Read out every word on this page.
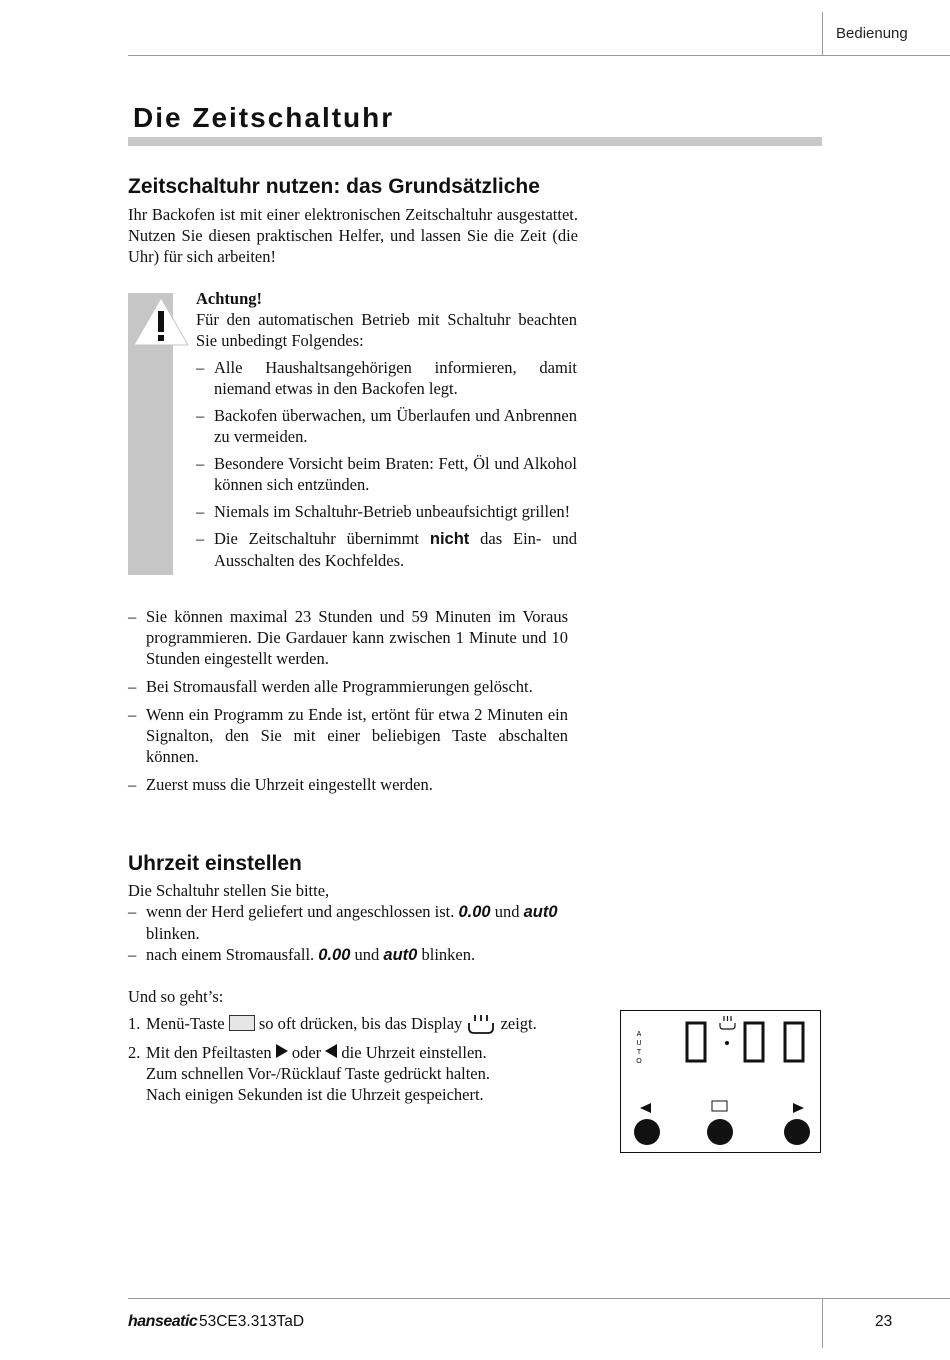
Bedienung
Die Zeitschaltuhr
Zeitschaltuhr nutzen: das Grundsätzliche
Ihr Backofen ist mit einer elektronischen Zeitschaltuhr ausgestattet. Nutzen Sie diesen praktischen Helfer, und lassen Sie die Zeit (die Uhr) für sich arbeiten!
Achtung!
Für den automatischen Betrieb mit Schaltuhr beachten Sie unbedingt Folgendes:
– Alle Haushaltsangehörigen informieren, damit niemand etwas in den Backofen legt.
– Backofen überwachen, um Überlaufen und Anbrennen zu vermeiden.
– Besondere Vorsicht beim Braten: Fett, Öl und Alkohol können sich entzünden.
– Niemals im Schaltuhr-Betrieb unbeaufsichtigt grillen!
– Die Zeitschaltuhr übernimmt nicht das Ein- und Ausschalten des Kochfeldes.
– Sie können maximal 23 Stunden und 59 Minuten im Voraus programmieren. Die Gardauer kann zwischen 1 Minute und 10 Stunden eingestellt werden.
– Bei Stromausfall werden alle Programmierungen gelöscht.
– Wenn ein Programm zu Ende ist, ertönt für etwa 2 Minuten ein Signalton, den Sie mit einer beliebigen Taste abschalten können.
– Zuerst muss die Uhrzeit eingestellt werden.
Uhrzeit einstellen
Die Schaltuhr stellen Sie bitte,
– wenn der Herd geliefert und angeschlossen ist. 0.00 und aut0 blinken.
– nach einem Stromausfall. 0.00 und aut0 blinken.
Und so geht’s:
1. Menü-Taste  so oft drücken, bis das Display  zeigt.
2. Mit den Pfeiltasten  oder  die Uhrzeit einstellen.
Zum schnellen Vor-/Rücklauf Taste gedrückt halten.
Nach einigen Sekunden ist die Uhrzeit gespeichert.
A
U
T
O
hanseatic 53CE3.313TaD	23
